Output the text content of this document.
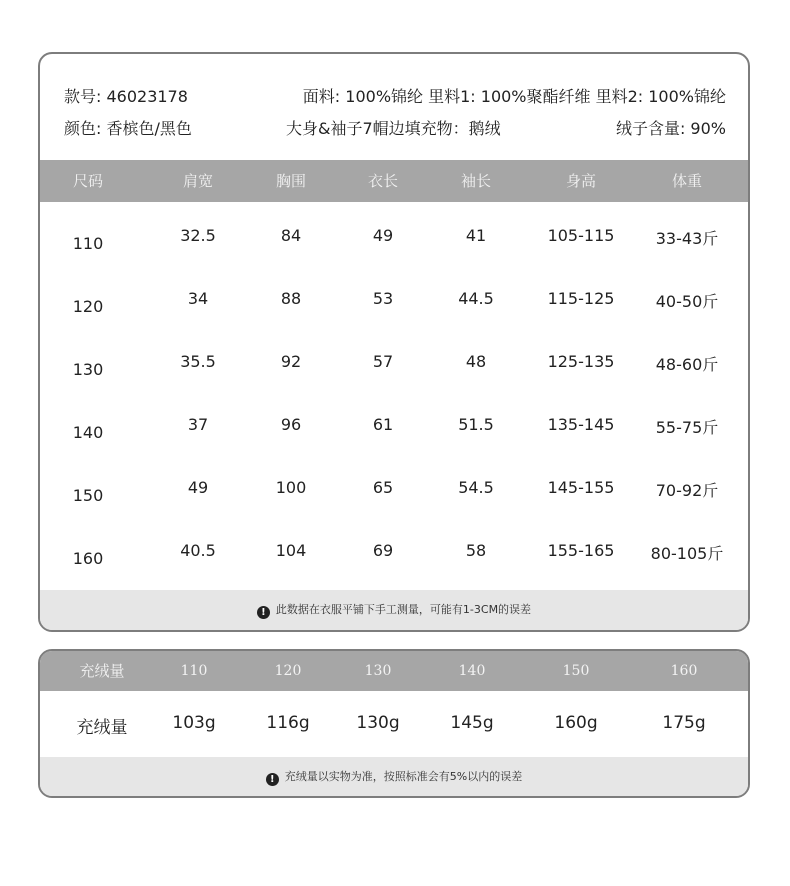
款号: 46023178	面料: 100%锦纶 里料1: 100%聚酯纤维 里料2: 100%锦纶
颜色: 香槟色/黑色	大身&袖子7帽边填充物：鹅绒	绒子含量: 90%
尺码	肩宽	胸围	衣长	袖长	身高	体重
110	32.5	84	49	41	105-115	33-43斤
120	34	88	53	44.5	115-125	40-50斤
130	35.5	92	57	48	125-135	48-60斤
140	37	96	61	51.5	135-145	55-75斤
150	49	100	65	54.5	145-155	70-92斤
160	40.5	104	69	58	155-165 80-105斤
! 此数据在衣服平铺下手工测量，可能有1-3CM的误差
充绒量	110	120	130	140	150	160
充绒量	103g	116g	130g	145g	160g	175g
! 充绒量以实物为准，按照标准会有5%以内的误差
